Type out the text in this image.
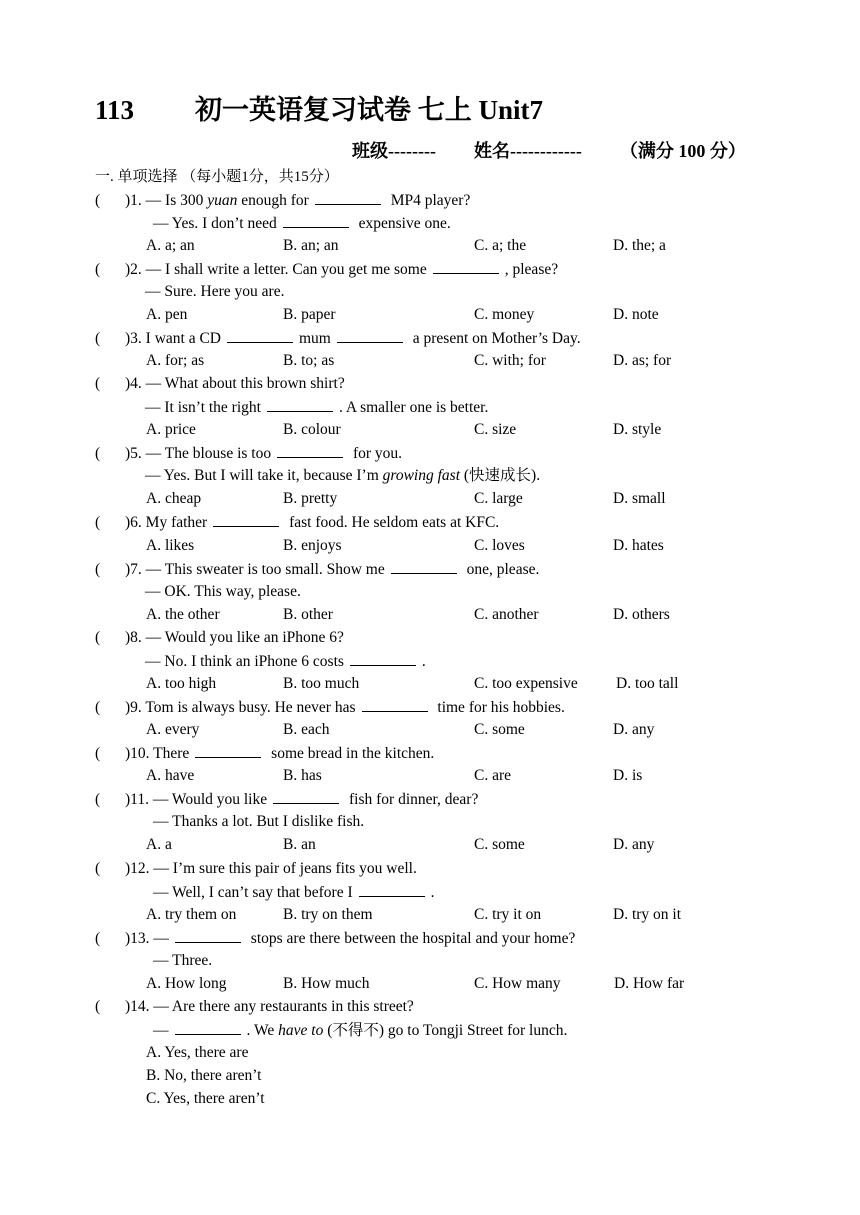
113 初一英语复习试卷 七上 Unit7
班级-------- 姓名------------ （满分 100 分）
一. 单项选择 （每小题1分，共15分）
( )1. — Is 300 yuan enough for	MP4 player?
— Yes. I don’t need	expensive one.
A. a; an	B. an; an	C. a; the	D. the; a
( )2. — I shall write a letter. Can you get me some	, please?
— Sure. Here you are.
A. pen	B. paper	C. money	D. note
( )3. I want a CD	mum	a present on Mother’s Day.
A. for; as	B. to; as	C. with; for	D. as; for
( )4. — What about this brown shirt?
— It isn’t the right	. A smaller one is better.
A. price	B. colour	C. size	D. style
( )5. — The blouse is too	for you.
— Yes. But I will take it, because I’m growing fast (快速成长).
A. cheap	B. pretty	C. large	D. small
( )6. My father	fast food. He seldom eats at KFC.
A. likes	B. enjoys	C. loves	D. hates
( )7. — This sweater is too small. Show me	one, please.
— OK. This way, please.
A. the other	B. other	C. another	D. others
( )8. — Would you like an iPhone 6?
— No. I think an iPhone 6 costs	.
A. too high	B. too much	C. too expensive D. too tall
( )9. Tom is always busy. He never has	time for his hobbies.
A. every	B. each	C. some	D. any
( )10. There	some bread in the kitchen.
A. have	B. has	C. are	D. is
( )11. — Would you like	fish for dinner, dear?
— Thanks a lot. But I dislike fish.
A. a	B. an	C. some	D. any
( )12. — I’m sure this pair of jeans fits you well.
— Well, I can’t say that before I	.
A. try them on	B. try on them	C. try it on	D. try on it
( )13. —	stops are there between the hospital and your home?
— Three.
A. How long	B. How much	C. How many	D. How far
( )14. — Are there any restaurants in this street?
—	. We have to (不得不) go to Tongji Street for lunch.
A. Yes, there are
B. No, there aren’t
C. Yes, there aren’t
